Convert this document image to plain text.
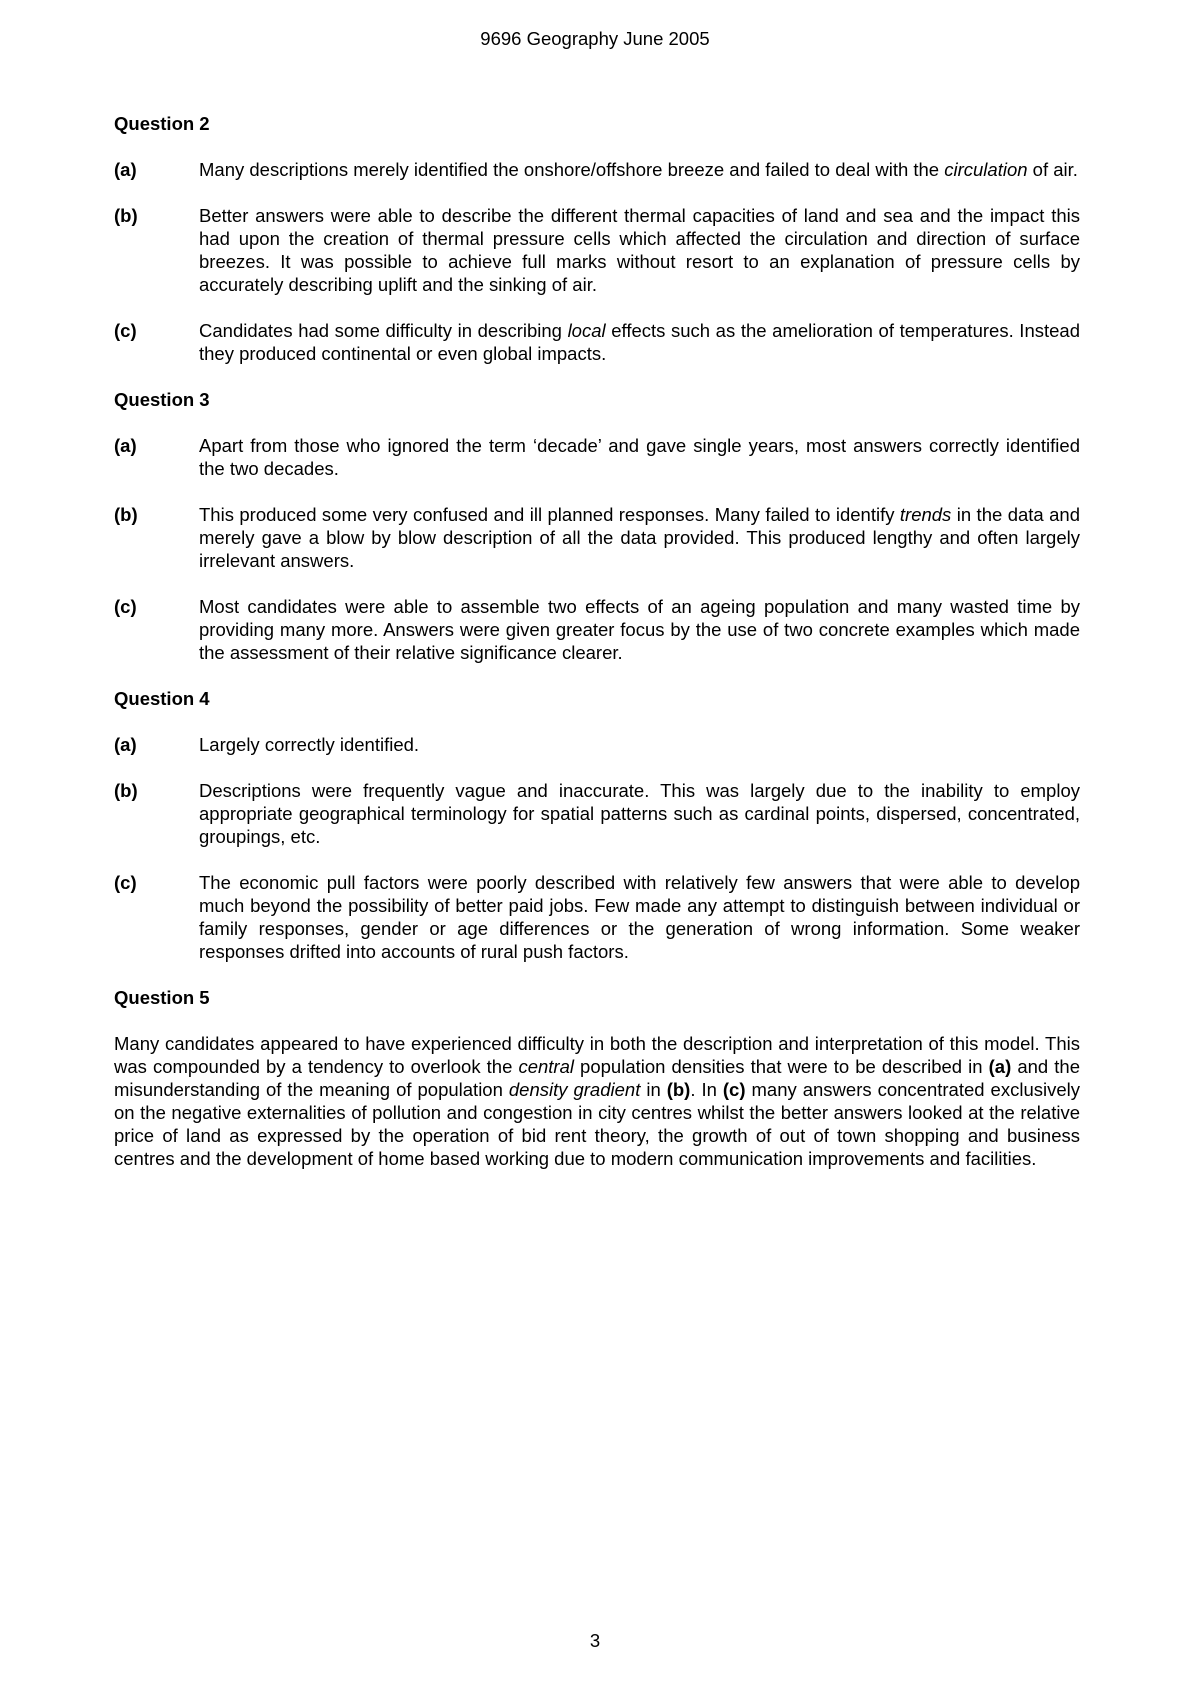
9696 Geography June 2005
Question 2
(a)	Many descriptions merely identified the onshore/offshore breeze and failed to deal with the circulation of air.
(b)	Better answers were able to describe the different thermal capacities of land and sea and the impact this had upon the creation of thermal pressure cells which affected the circulation and direction of surface breezes. It was possible to achieve full marks without resort to an explanation of pressure cells by accurately describing uplift and the sinking of air.
(c)	Candidates had some difficulty in describing local effects such as the amelioration of temperatures. Instead they produced continental or even global impacts.
Question 3
(a)	Apart from those who ignored the term ‘decade’ and gave single years, most answers correctly identified the two decades.
(b)	This produced some very confused and ill planned responses. Many failed to identify trends in the data and merely gave a blow by blow description of all the data provided. This produced lengthy and often largely irrelevant answers.
(c)	Most candidates were able to assemble two effects of an ageing population and many wasted time by providing many more. Answers were given greater focus by the use of two concrete examples which made the assessment of their relative significance clearer.
Question 4
(a)	Largely correctly identified.
(b)	Descriptions were frequently vague and inaccurate. This was largely due to the inability to employ appropriate geographical terminology for spatial patterns such as cardinal points, dispersed, concentrated, groupings, etc.
(c)	The economic pull factors were poorly described with relatively few answers that were able to develop much beyond the possibility of better paid jobs. Few made any attempt to distinguish between individual or family responses, gender or age differences or the generation of wrong information. Some weaker responses drifted into accounts of rural push factors.
Question 5

Many candidates appeared to have experienced difficulty in both the description and interpretation of this model. This was compounded by a tendency to overlook the central population densities that were to be described in (a) and the misunderstanding of the meaning of population density gradient in (b). In (c) many answers concentrated exclusively on the negative externalities of pollution and congestion in city centres whilst the better answers looked at the relative price of land as expressed by the operation of bid rent theory, the growth of out of town shopping and business centres and the development of home based working due to modern communication improvements and facilities.

3
